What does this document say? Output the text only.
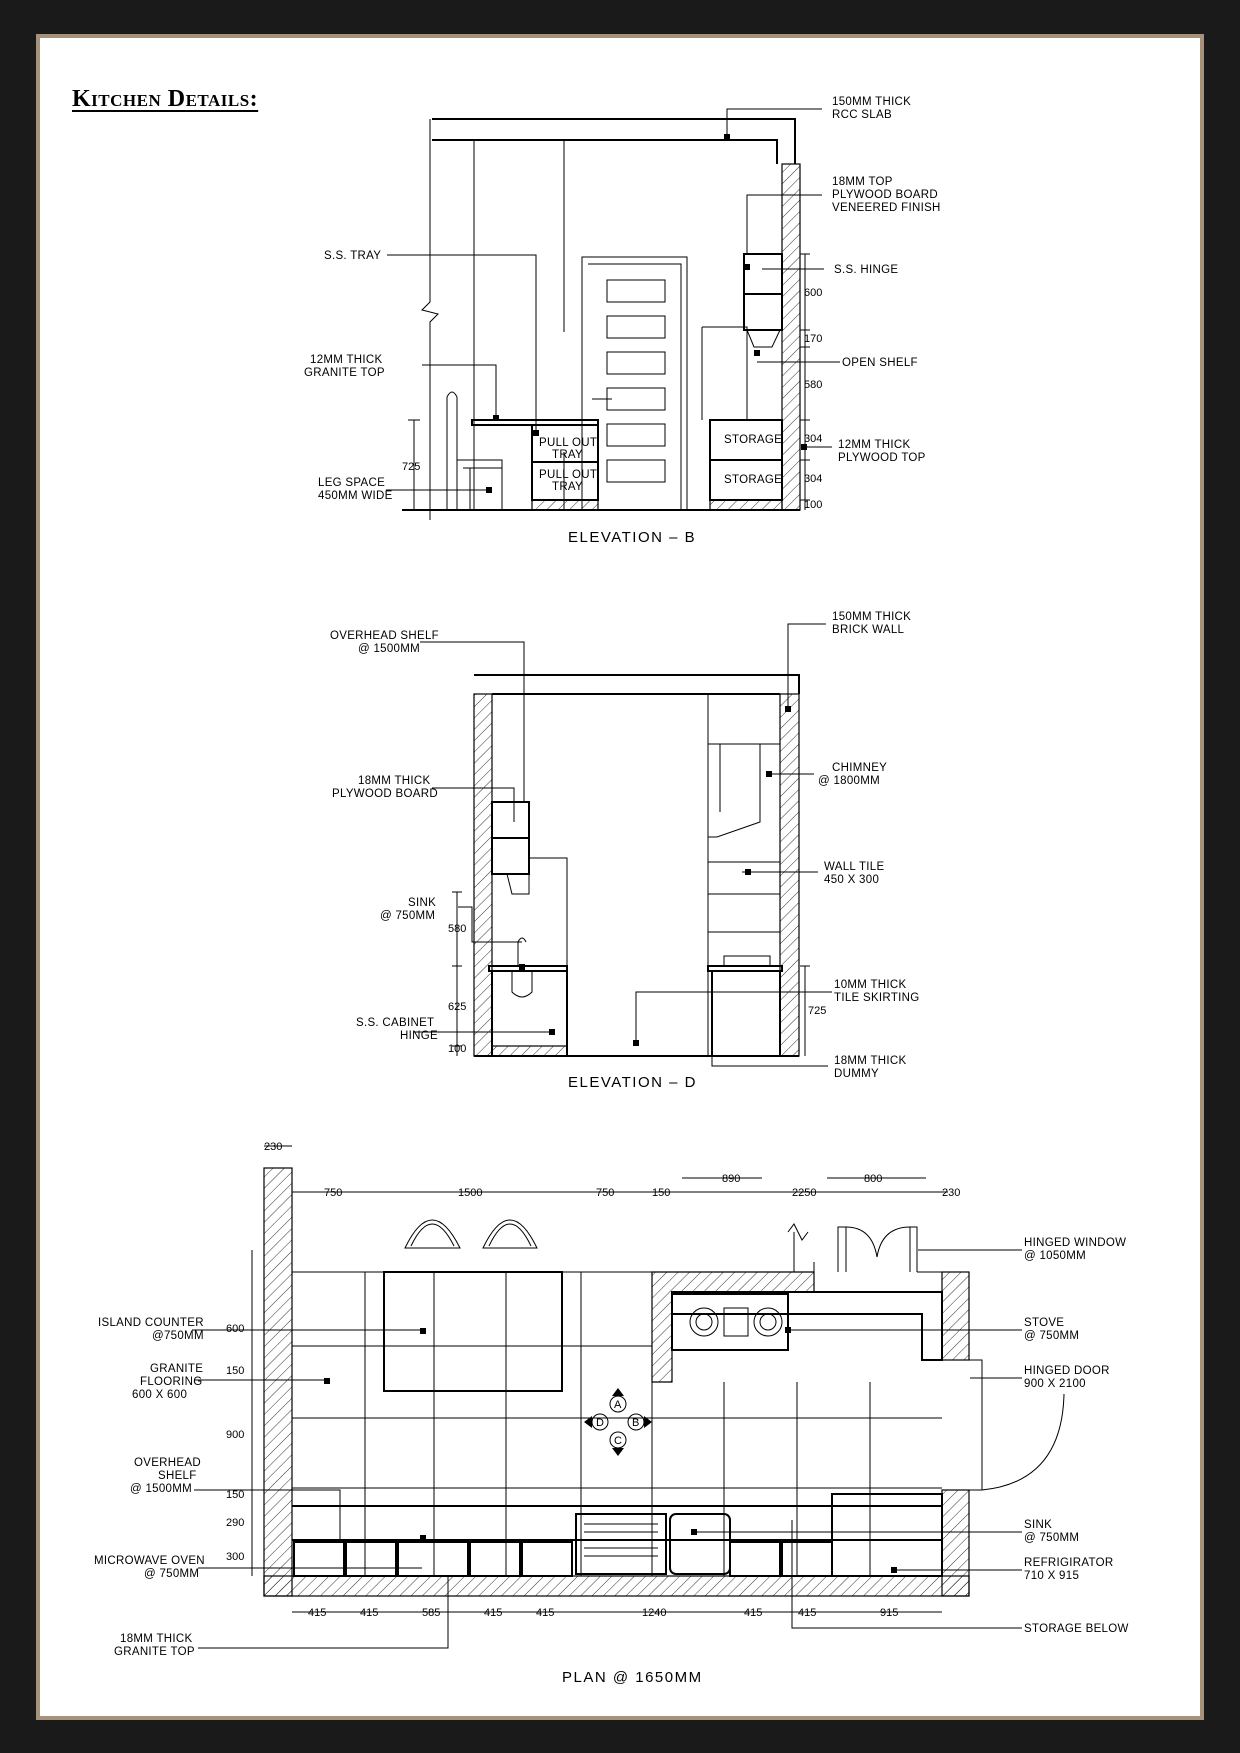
Kitchen Details:	150MM THICK
RCC SLAB
18MM TOP
PLYWOOD BOARD
VENEERED FINISH
S.S. TRAY
S.S. HINGE
12MM THICK
GRANITE TOP
OPEN SHELF
12MM THICK
PLYWOOD TOP
LEG SPACE
450MM WIDE
PULL OUT
TRAY
PULL OUT
TRAY
STORAGE
STORAGE
725
600
170
580
304
304
100
ELEVATION – B
OVERHEAD SHELF
@ 1500MM
150MM THICK
BRICK WALL
CHIMNEY
@ 1800MM
18MM THICK
PLYWOOD BOARD
WALL TILE
450 X 300
SINK
@ 750MM
10MM THICK
TILE SKIRTING
S.S. CABINET
HINGE
18MM THICK
DUMMY
580
625
100
725
ELEVATION – D
A
B
C
D
ISLAND COUNTER
@750MM
GRANITE
FLOORING
600 X 600
OVERHEAD
SHELF
@ 1500MM
MICROWAVE OVEN
@ 750MM
18MM THICK
GRANITE TOP
HINGED WINDOW
@ 1050MM
STOVE
@ 750MM
HINGED DOOR
900 X 2100
SINK
@ 750MM
REFRIGIRATOR
710 X 915
STORAGE BELOW
230
750	1500	750	150	2250	230
890	800
600
150
900
150
290
300
415	415	585	415	415	1240	415	415	915
PLAN @ 1650MM
